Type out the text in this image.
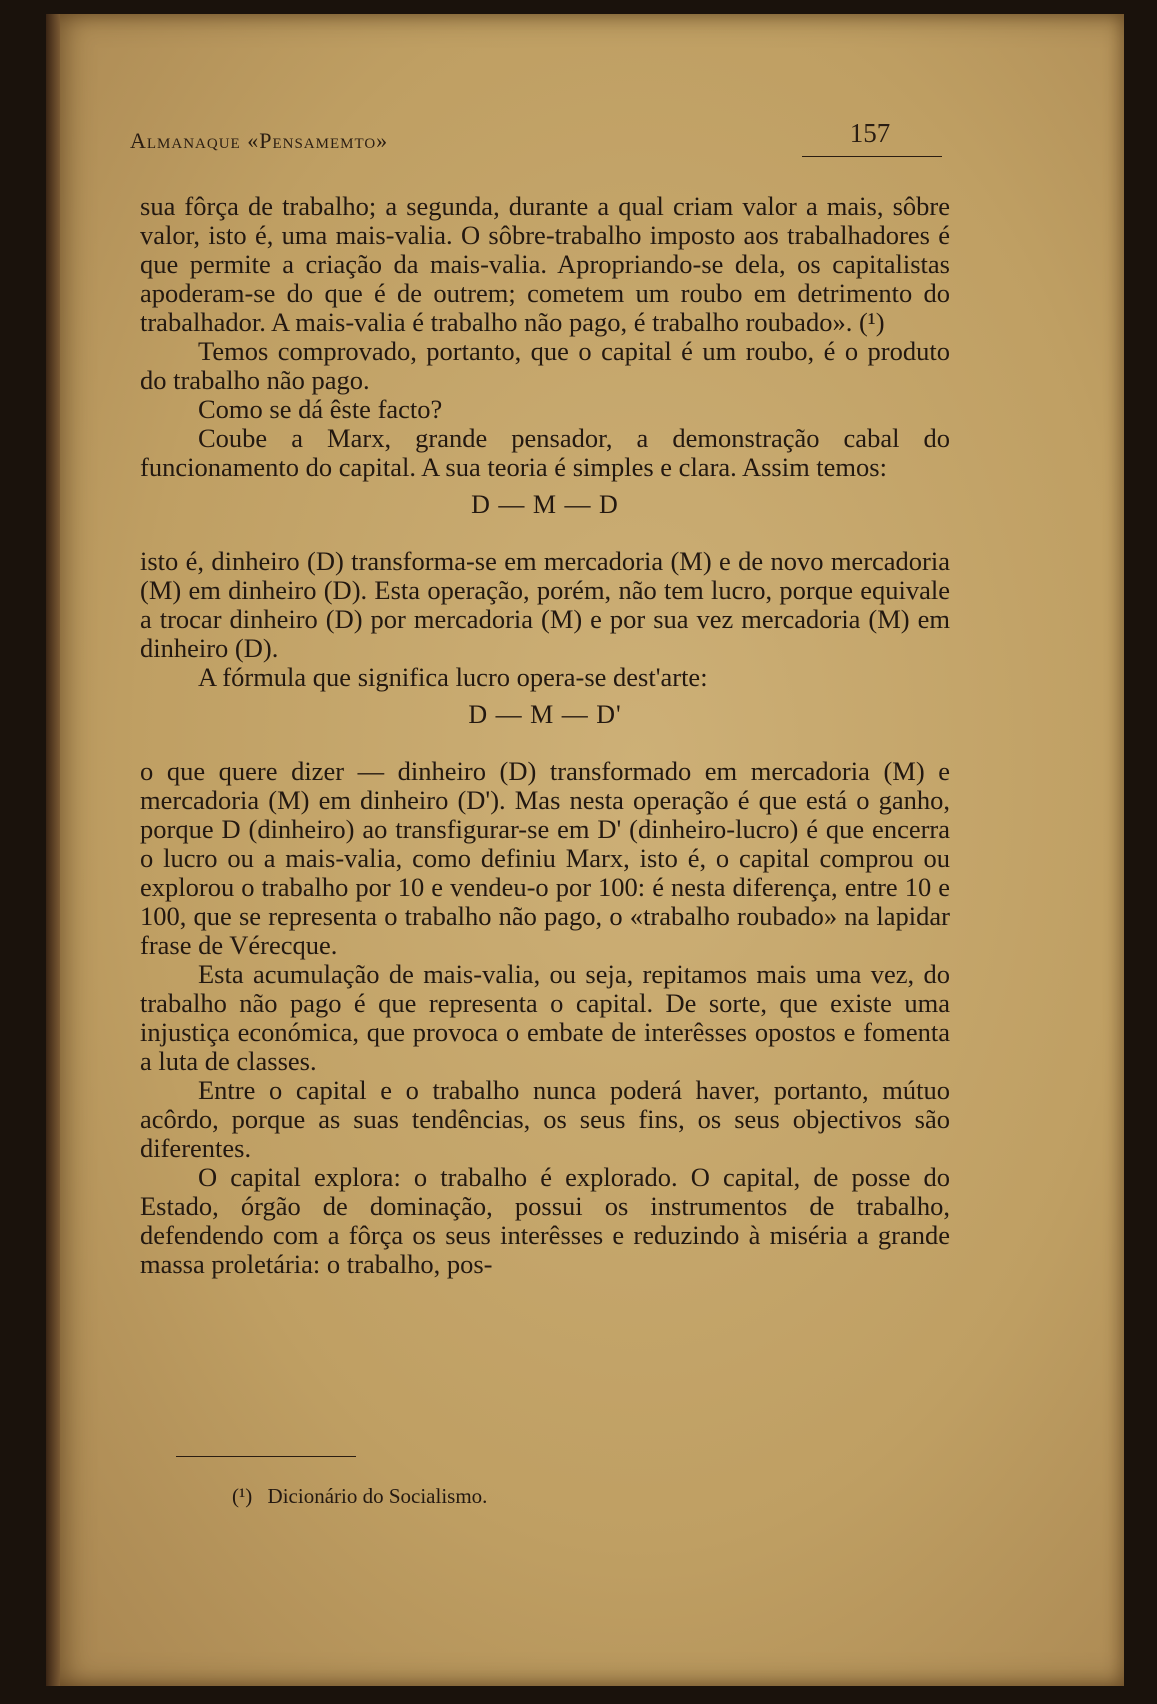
Almanaque «Pensamemto»	157

sua fôrça de trabalho; a segunda, durante a qual criam valor a mais, sôbre valor, isto é, uma mais-valia. O sôbre-trabalho imposto aos trabalhadores é que permite a criação da mais-valia. Apropriando-se dela, os capitalistas apoderam-se do que é de outrem; cometem um roubo em detrimento do trabalhador. A mais-valia é trabalho não pago, é trabalho roubado». (¹)

Temos comprovado, portanto, que o capital é um roubo, é o produto do trabalho não pago.

Como se dá êste facto?

Coube a Marx, grande pensador, a demonstração cabal do funcionamento do capital. A sua teoria é simples e clara. Assim temos:

D — M — D

isto é, dinheiro (D) transforma-se em mercadoria (M) e de novo mercadoria (M) em dinheiro (D). Esta operação, porém, não tem lucro, porque equivale a trocar dinheiro (D) por mercadoria (M) e por sua vez mercadoria (M) em dinheiro (D).

A fórmula que significa lucro opera-se dest'arte:

D — M — D'

o que quere dizer — dinheiro (D) transformado em mercadoria (M) e mercadoria (M) em dinheiro (D'). Mas nesta operação é que está o ganho, porque D (dinheiro) ao transfigurar-se em D' (dinheiro-lucro) é que encerra o lucro ou a mais-valia, como definiu Marx, isto é, o capital comprou ou explorou o trabalho por 10 e vendeu-o por 100: é nesta diferença, entre 10 e 100, que se representa o trabalho não pago, o «trabalho roubado» na lapidar frase de Vérecque.

Esta acumulação de mais-valia, ou seja, repitamos mais uma vez, do trabalho não pago é que representa o capital. De sorte, que existe uma injustiça económica, que provoca o embate de interêsses opostos e fomenta a luta de classes.

Entre o capital e o trabalho nunca poderá haver, portanto, mútuo acôrdo, porque as suas tendências, os seus fins, os seus objectivos são diferentes.

O capital explora: o trabalho é explorado. O capital, de posse do Estado, órgão de dominação, possui os instrumentos de trabalho, defendendo com a fôrça os seus interêsses e reduzindo à miséria a grande massa proletária: o trabalho, pos-

(¹) Dicionário do Socialismo.
